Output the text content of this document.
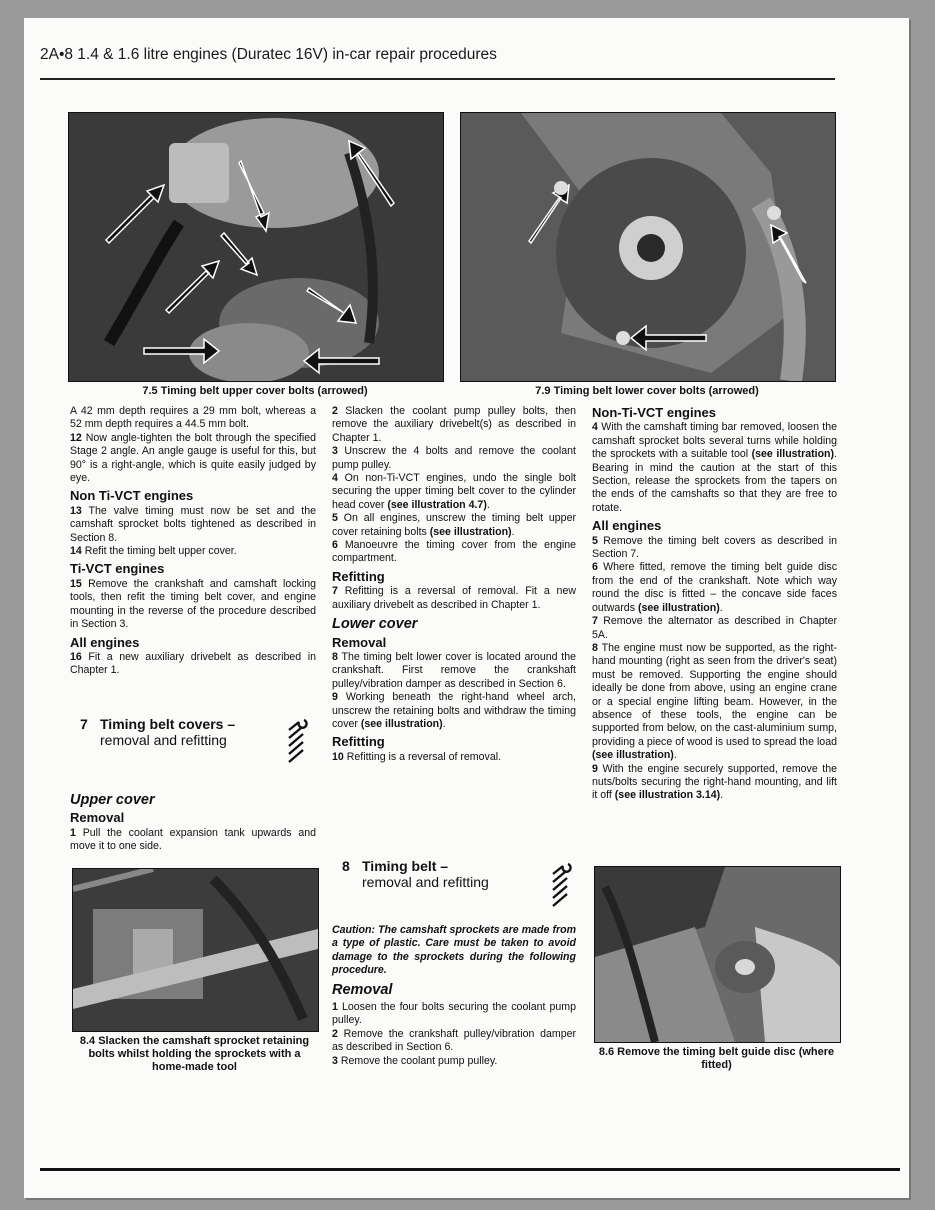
2A•8 1.4 & 1.6 litre engines (Duratec 16V) in-car repair procedures
7.5 Timing belt upper cover bolts (arrowed)	7.9 Timing belt lower cover bolts (arrowed)

A 42 mm depth requires a 29 mm bolt, whereas a 52 mm depth requires a 44.5 mm bolt.

12 Now angle-tighten the bolt through the specified Stage 2 angle. An angle gauge is useful for this, but 90° is a right-angle, which is quite easily judged by eye.

Non Ti-VCT engines

13 The valve timing must now be set and the camshaft sprocket bolts tightened as described in Section 8.

14 Refit the timing belt upper cover.

Ti-VCT engines

15 Remove the crankshaft and camshaft locking tools, then refit the timing belt cover, and engine mounting in the reverse of the procedure described in Section 3.

All engines

16 Fit a new auxiliary drivebelt as described in Chapter 1.

7 Timing belt covers –
removal and refitting
Upper cover
Removal

1 Pull the coolant expansion tank upwards and move it to one side.

8.4 Slacken the camshaft sprocket retaining bolts whilst holding the sprockets with a home-made tool

2 Slacken the coolant pump pulley bolts, then remove the auxiliary drivebelt(s) as described in Chapter 1.

3 Unscrew the 4 bolts and remove the coolant pump pulley.

4 On non-Ti-VCT engines, undo the single bolt securing the upper timing belt cover to the cylinder head cover (see illustration 4.7).

5 On all engines, unscrew the timing belt upper cover retaining bolts (see illustration).

6 Manoeuvre the timing cover from the engine compartment.

Refitting

7 Refitting is a reversal of removal. Fit a new auxiliary drivebelt as described in Chapter 1.

Lower cover
Removal

8 The timing belt lower cover is located around the crankshaft. First remove the crankshaft pulley/vibration damper as described in Section 6.

9 Working beneath the right-hand wheel arch, unscrew the retaining bolts and withdraw the timing cover (see illustration).

Refitting

10 Refitting is a reversal of removal.

8 Timing belt –
removal and refitting

Caution: The camshaft sprockets are made from a type of plastic. Care must be taken to avoid damage to the sprockets during the following procedure.

Removal

1 Loosen the four bolts securing the coolant pump pulley.

2 Remove the crankshaft pulley/vibration damper as described in Section 6.

3 Remove the coolant pump pulley.

Non-Ti-VCT engines

4 With the camshaft timing bar removed, loosen the camshaft sprocket bolts several turns while holding the sprockets with a suitable tool (see illustration). Bearing in mind the caution at the start of this Section, release the sprockets from the tapers on the ends of the camshafts so that they are free to rotate.

All engines

5 Remove the timing belt covers as described in Section 7.

6 Where fitted, remove the timing belt guide disc from the end of the crankshaft. Note which way round the disc is fitted – the concave side faces outwards (see illustration).

7 Remove the alternator as described in Chapter 5A.

8 The engine must now be supported, as the right-hand mounting (right as seen from the driver's seat) must be removed. Supporting the engine should ideally be done from above, using an engine crane or a special engine lifting beam. However, in the absence of these tools, the engine can be supported from below, on the cast-aluminium sump, providing a piece of wood is used to spread the load (see illustration).

9 With the engine securely supported, remove the nuts/bolts securing the right-hand mounting, and lift it off (see illustration 3.14).

8.6 Remove the timing belt guide disc (where fitted)
